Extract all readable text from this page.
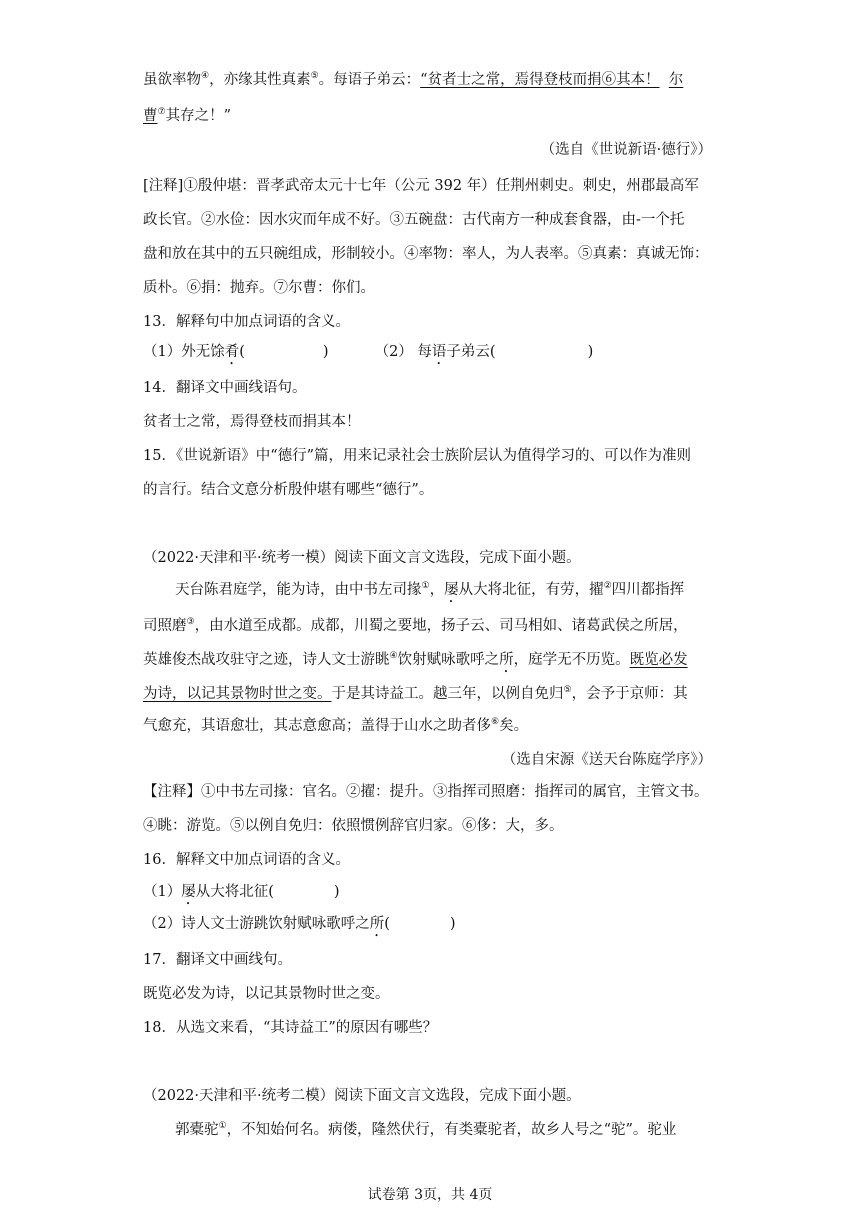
虽欲率物④，亦缘其性真素⑤。每语子弟云：“贫者士之常，焉得登枝而捐⑥其本！ 尔
曹⑦其存之！”
（选自《世说新语·德行》）
[注释]①殷仲堪：晋孝武帝太元十七年（公元 392 年）任荆州刺史。刺史，州郡最高军
政长官。②水俭：因水灾而年成不好。③五碗盘：古代南方一种成套食器，由-一个托
盘和放在其中的五只碗组成，形制较小。④率物：率人，为人表率。⑤真素：真诚无饰：
质朴。⑥捐：抛弃。⑦尔曹：你们。
13．解释句中加点词语的含义。
（1）外无馀肴(	)	（2） 每语子弟云(	)
14．翻译文中画线语句。
贫者士之常，焉得登枝而捐其本！
15．《世说新语》中“德行”篇，用来记录社会士族阶层认为值得学习的、可以作为准则
的言行。结合文意分析殷仲堪有哪些“德行”。
（2022·天津和平·统考一模）阅读下面文言文选段，完成下面小题。
天台陈君庭学，能为诗，由中书左司掾①，屡从大将北征，有劳，擢②四川都指挥
司照磨③，由水道至成都。成都，川蜀之要地，扬子云、司马相如、诸葛武侯之所居，
英雄俊杰战攻驻守之迹，诗人文士游眺④饮射赋咏歌呼之所，庭学无不历览。既览必发
为诗，以记其景物时世之变。于是其诗益工。越三年，以例自免归⑤，会予于京师：其
气愈充，其语愈壮，其志意愈高；盖得于山水之助者侈⑥矣。
（选自宋源《送天台陈庭学序》）
【注释】①中书左司掾：官名。②擢：提升。③指挥司照磨：指挥司的属官，主管文书。
④眺：游览。⑤以例自免归：依照惯例辞官归家。⑥侈：大，多。
16．解释文中加点词语的含义。
（1）屡从大将北征(	)
（2）诗人文士游跳饮射赋咏歌呼之所(	)
17．翻译文中画线句。
既览必发为诗，以记其景物时世之变。
18．从选文来看，“其诗益工”的原因有哪些？
（2022·天津和平·统考二模）阅读下面文言文选段，完成下面小题。
郭橐驼①，不知始何名。病偻，隆然伏行，有类橐驼者，故乡人号之“驼”。驼业
试卷第 3页，共 4页
